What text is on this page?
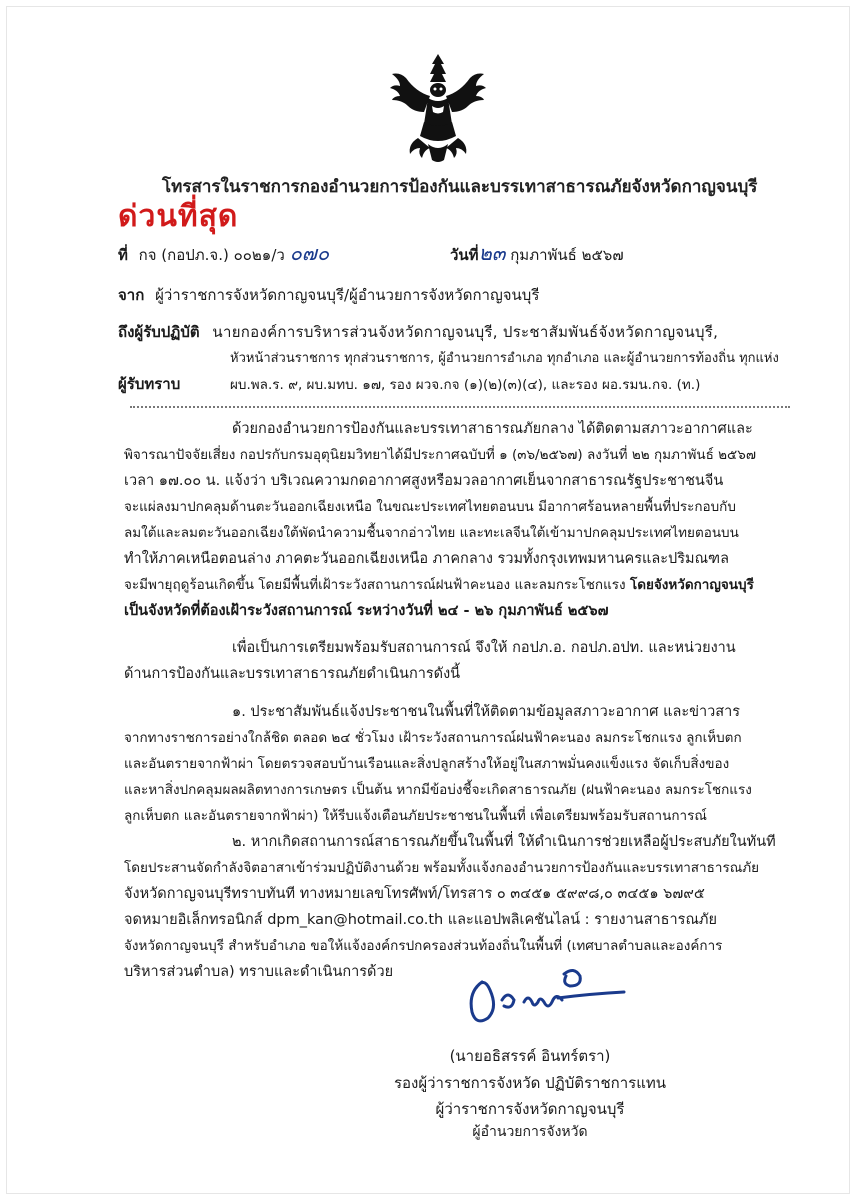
โทรสารในราชการกองอำนวยการป้องกันและบรรเทาสาธารณภัยจังหวัดกาญจนบุรี
ด่วนที่สุด
ที่ กจ (กอปภ.จ.) ๐๐๒๑/ว ๐๗๐	วันที่๒๓ กุมภาพันธ์ ๒๕๖๗
จาก ผู้ว่าราชการจังหวัดกาญจนบุรี/ผู้อำนวยการจังหวัดกาญจนบุรี
ถึงผู้รับปฏิบัติ นายกองค์การบริหารส่วนจังหวัดกาญจนบุรี, ประชาสัมพันธ์จังหวัดกาญจนบุรี,
หัวหน้าส่วนราชการ ทุกส่วนราชการ, ผู้อำนวยการอำเภอ ทุกอำเภอ และผู้อำนวยการท้องถิ่น ทุกแห่ง
ผู้รับทราบ	ผบ.พล.ร. ๙, ผบ.มทบ. ๑๗, รอง ผวจ.กจ (๑)(๒)(๓)(๔), และรอง ผอ.รมน.กจ. (ท.)
ด้วยกองอำนวยการป้องกันและบรรเทาสาธารณภัยกลาง ได้ติดตามสภาวะอากาศและ
พิจารณาปัจจัยเสี่ยง กอปรกับกรมอุตุนิยมวิทยาได้มีประกาศฉบับที่ ๑ (๓๖/๒๕๖๗) ลงวันที่ ๒๒ กุมภาพันธ์ ๒๕๖๗
เวลา ๑๗.๐๐ น. แจ้งว่า บริเวณความกดอากาศสูงหรือมวลอากาศเย็นจากสาธารณรัฐประชาชนจีน
จะแผ่ลงมาปกคลุมด้านตะวันออกเฉียงเหนือ ในขณะประเทศไทยตอนบน มีอากาศร้อนหลายพื้นที่ประกอบกับ
ลมใต้และลมตะวันออกเฉียงใต้พัดนำความชื้นจากอ่าวไทย และทะเลจีนใต้เข้ามาปกคลุมประเทศไทยตอนบน
ทำให้ภาคเหนือตอนล่าง ภาคตะวันออกเฉียงเหนือ ภาคกลาง รวมทั้งกรุงเทพมหานครและปริมณฑล
จะมีพายุฤดูร้อนเกิดขึ้น โดยมีพื้นที่เฝ้าระวังสถานการณ์ฝนฟ้าคะนอง และลมกระโชกแรง โดยจังหวัดกาญจนบุรี
เป็นจังหวัดที่ต้องเฝ้าระวังสถานการณ์ ระหว่างวันที่ ๒๔ - ๒๖ กุมภาพันธ์ ๒๕๖๗
เพื่อเป็นการเตรียมพร้อมรับสถานการณ์ จึงให้ กอปภ.อ. กอปภ.อปท. และหน่วยงาน
ด้านการป้องกันและบรรเทาสาธารณภัยดำเนินการดังนี้
๑. ประชาสัมพันธ์แจ้งประชาชนในพื้นที่ให้ติดตามข้อมูลสภาวะอากาศ และข่าวสาร
จากทางราชการอย่างใกล้ชิด ตลอด ๒๔ ชั่วโมง เฝ้าระวังสถานการณ์ฝนฟ้าคะนอง ลมกระโชกแรง ลูกเห็บตก
และอันตรายจากฟ้าผ่า โดยตรวจสอบบ้านเรือนและสิ่งปลูกสร้างให้อยู่ในสภาพมั่นคงแข็งแรง จัดเก็บสิ่งของ
และหาสิ่งปกคลุมผลผลิตทางการเกษตร เป็นต้น หากมีข้อบ่งชี้จะเกิดสาธารณภัย (ฝนฟ้าคะนอง ลมกระโชกแรง
ลูกเห็บตก และอันตรายจากฟ้าผ่า) ให้รีบแจ้งเตือนภัยประชาชนในพื้นที่ เพื่อเตรียมพร้อมรับสถานการณ์
๒. หากเกิดสถานการณ์สาธารณภัยขึ้นในพื้นที่ ให้ดำเนินการช่วยเหลือผู้ประสบภัยในทันที
โดยประสานจัดกำลังจิตอาสาเข้าร่วมปฏิบัติงานด้วย พร้อมทั้งแจ้งกองอำนวยการป้องกันและบรรเทาสาธารณภัย
จังหวัดกาญจนบุรีทราบทันที ทางหมายเลขโทรศัพท์/โทรสาร ๐ ๓๔๕๑ ๕๙๙๘,๐ ๓๔๕๑ ๖๗๙๕
จดหมายอิเล็กทรอนิกส์ dpm_kan@hotmail.co.th และแอปพลิเคชันไลน์ : รายงานสาธารณภัย
จังหวัดกาญจนบุรี สำหรับอำเภอ ขอให้แจ้งองค์กรปกครองส่วนท้องถิ่นในพื้นที่ (เทศบาลตำบลและองค์การ
บริหารส่วนตำบล) ทราบและดำเนินการด้วย
(นายอธิสรรค์ อินทร์ตรา)
รองผู้ว่าราชการจังหวัด ปฏิบัติราชการแทน
ผู้ว่าราชการจังหวัดกาญจนบุรี
ผู้อำนวยการจังหวัด
